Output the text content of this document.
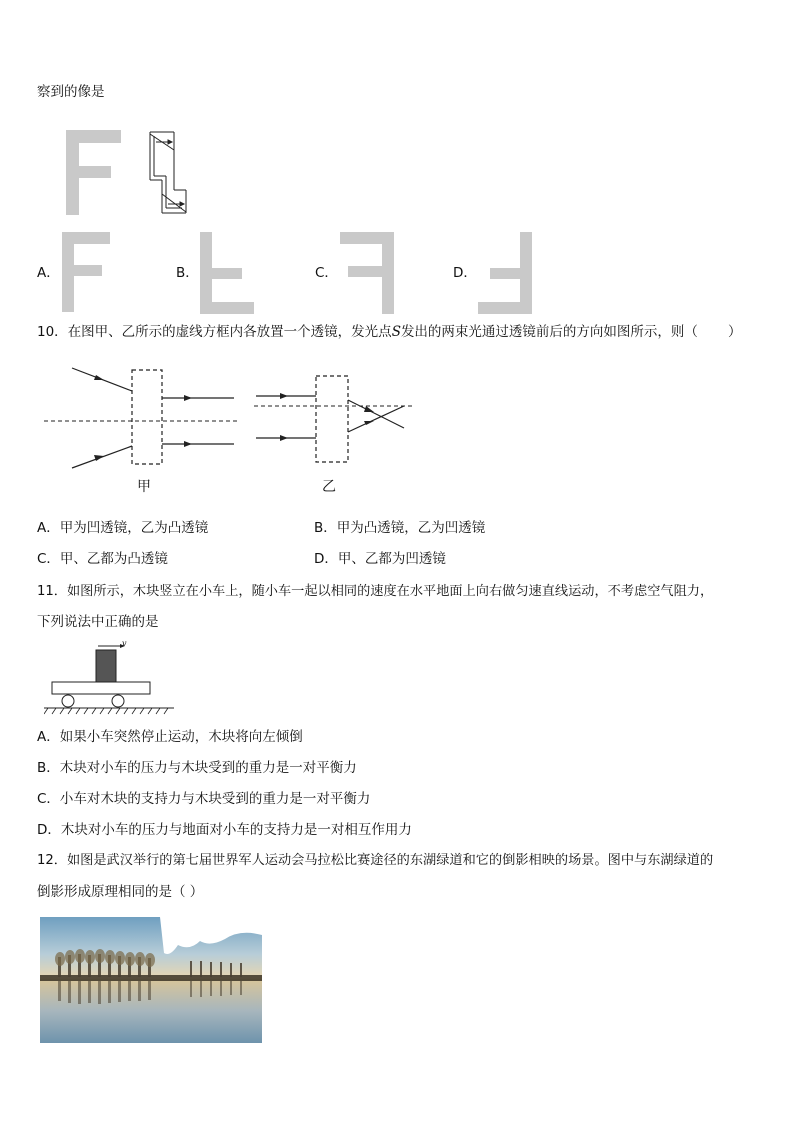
察到的像是
A．	B．	C．	D．
10．在图甲、乙所示的虚线方框内各放置一个透镜，发光点S发出的两束光通过透镜前后的方向如图所示，则（ ）
甲	乙
A．甲为凹透镜，乙为凸透镜	B．甲为凸透镜，乙为凹透镜
C．甲、乙都为凸透镜	D．甲、乙都为凹透镜
11．如图所示，木块竖立在小车上，随小车一起以相同的速度在水平地面上向右做匀速直线运动，不考虑空气阻力，
下列说法中正确的是
v
A．如果小车突然停止运动，木块将向左倾倒
B．木块对小车的压力与木块受到的重力是一对平衡力
C．小车对木块的支持力与木块受到的重力是一对平衡力
D．木块对小车的压力与地面对小车的支持力是一对相互作用力
12．如图是武汉举行的第七届世界军人运动会马拉松比赛途径的东湖绿道和它的倒影相映的场景。图中与东湖绿道的
倒影形成原理相同的是（ ）
